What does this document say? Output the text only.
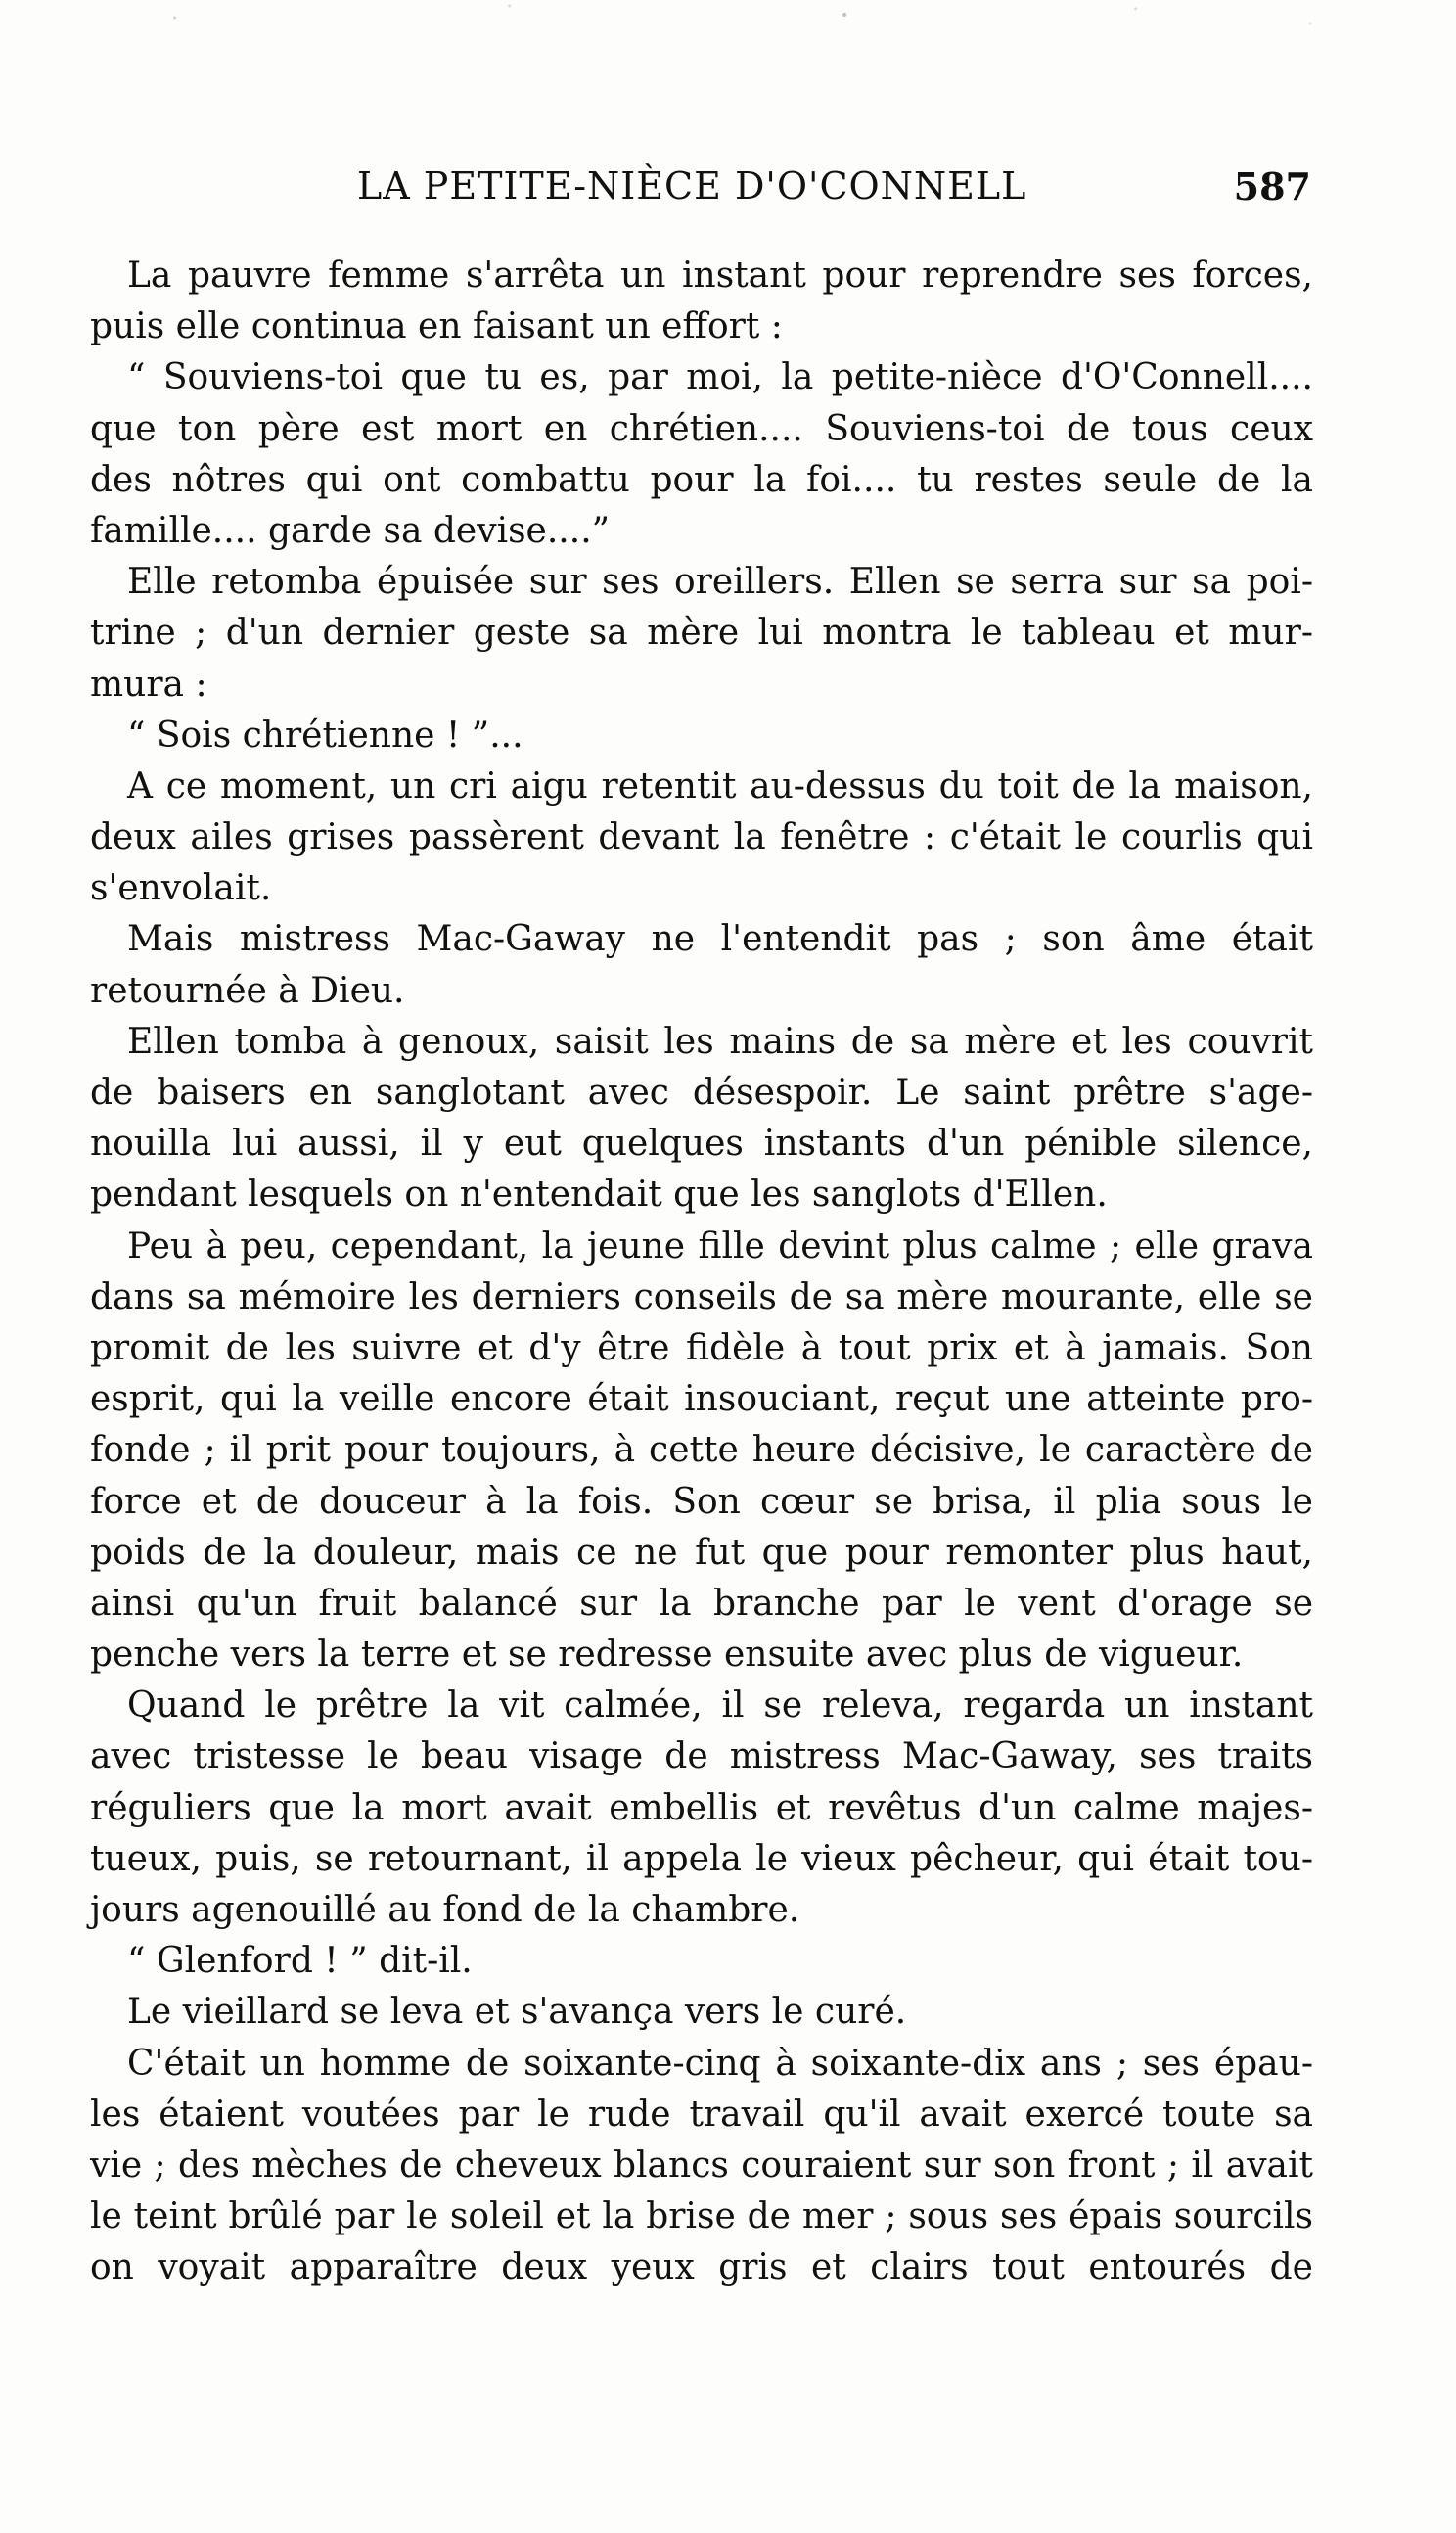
LA PETITE-NIÈCE D'O'CONNELL	587
La pauvre femme s'arrêta un instant pour reprendre ses forces,
puis elle continua en faisant un effort :
“ Souviens-toi que tu es, par moi, la petite-nièce d'O'Connell....
que ton père est mort en chrétien.... Souviens-toi de tous ceux
des nôtres qui ont combattu pour la foi.... tu restes seule de la
famille.... garde sa devise....”
Elle retomba épuisée sur ses oreillers. Ellen se serra sur sa poi-
trine ; d'un dernier geste sa mère lui montra le tableau et mur-
mura :
“ Sois chrétienne ! ”...
A ce moment, un cri aigu retentit au-dessus du toit de la maison,
deux ailes grises passèrent devant la fenêtre : c'était le courlis qui
s'envolait.
Mais mistress Mac-Gaway ne l'entendit pas ; son âme était
retournée à Dieu.
Ellen tomba à genoux, saisit les mains de sa mère et les couvrit
de baisers en sanglotant avec désespoir. Le saint prêtre s'age-
nouilla lui aussi, il y eut quelques instants d'un pénible silence,
pendant lesquels on n'entendait que les sanglots d'Ellen.
Peu à peu, cependant, la jeune fille devint plus calme ; elle grava
dans sa mémoire les derniers conseils de sa mère mourante, elle se
promit de les suivre et d'y être fidèle à tout prix et à jamais. Son
esprit, qui la veille encore était insouciant, reçut une atteinte pro-
fonde ; il prit pour toujours, à cette heure décisive, le caractère de
force et de douceur à la fois. Son cœur se brisa, il plia sous le
poids de la douleur, mais ce ne fut que pour remonter plus haut,
ainsi qu'un fruit balancé sur la branche par le vent d'orage se
penche vers la terre et se redresse ensuite avec plus de vigueur.
Quand le prêtre la vit calmée, il se releva, regarda un instant
avec tristesse le beau visage de mistress Mac-Gaway, ses traits
réguliers que la mort avait embellis et revêtus d'un calme majes-
tueux, puis, se retournant, il appela le vieux pêcheur, qui était tou-
jours agenouillé au fond de la chambre.
“ Glenford ! ” dit-il.
Le vieillard se leva et s'avança vers le curé.
C'était un homme de soixante-cinq à soixante-dix ans ; ses épau-
les étaient voutées par le rude travail qu'il avait exercé toute sa
vie ; des mèches de cheveux blancs couraient sur son front ; il avait
le teint brûlé par le soleil et la brise de mer ; sous ses épais sourcils
on voyait apparaître deux yeux gris et clairs tout entourés de
